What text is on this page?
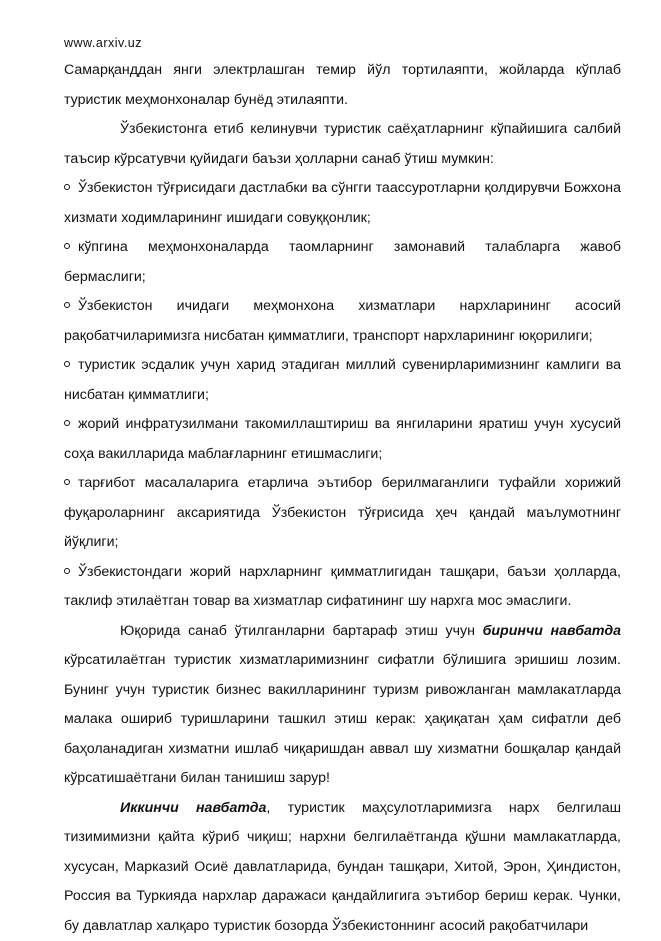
www.arxiv.uz

Самарқанддан янги электрлашган темир йўл тортилаяпти, жойларда кўплаб туристик меҳмонхоналар бунёд этилаяпти.

Ўзбекистонга етиб келинувчи туристик саёҳатларнинг кўпайишига салбий таъсир кўрсатувчи қуйидаги баъзи ҳолларни санаб ўтиш мумкин:

Ўзбекистон тўғрисидаги дастлабки ва сўнгги таассуротларни қолдирувчи Божхона хизмати ходимларининг ишидаги совуққонлик;

кўпгина меҳмонхоналарда таомларнинг замонавий талабларга жавоб бермаслиги;

Ўзбекистон ичидаги меҳмонхона хизматлари нархларининг асосий рақобатчиларимизга нисбатан қимматлиги, транспорт нархларининг юқорилиги;

туристик эсдалик учун харид этадиган миллий сувенирларимизнинг камлиги ва нисбатан қимматлиги;

жорий инфратузилмани такомиллаштириш ва янгиларини яратиш учун хусусий соҳа вакилларида маблағларнинг етишмаслиги;

тарғибот масалаларига етарлича эътибор берилмаганлиги туфайли хорижий фуқароларнинг аксариятида Ўзбекистон тўғрисида ҳеч қандай маълумотнинг йўқлиги;

Ўзбекистондаги жорий нархларнинг қимматлигидан ташқари, баъзи ҳолларда, таклиф этилаётган товар ва хизматлар сифатининг шу нархга мос эмаслиги.

Юқорида санаб ўтилганларни бартараф этиш учун биринчи навбатда кўрсатилаётган туристик хизматларимизнинг сифатли бўлишига эришиш лозим. Бунинг учун туристик бизнес вакилларининг туризм ривожланган мамлакатларда малака ошириб туришларини ташкил этиш керак: ҳақиқатан ҳам сифатли деб баҳоланадиган хизматни ишлаб чиқаришдан аввал шу хизматни бошқалар қандай кўрсатишаётгани билан танишиш зарур!

Иккинчи навбатда, туристик маҳсулотларимизга нарх белгилаш тизимимизни қайта кўриб чиқиш; нархни белгилаётганда қўшни мамлакатларда, хусусан, Марказий Осиё давлатларида, бундан ташқари, Хитой, Эрон, Ҳиндистон, Россия ва Туркияда нархлар даражаси қандайлигига эътибор бериш керак. Чунки, бу давлатлар халқаро туристик бозорда Ўзбекистоннинг асосий рақобатчилари
